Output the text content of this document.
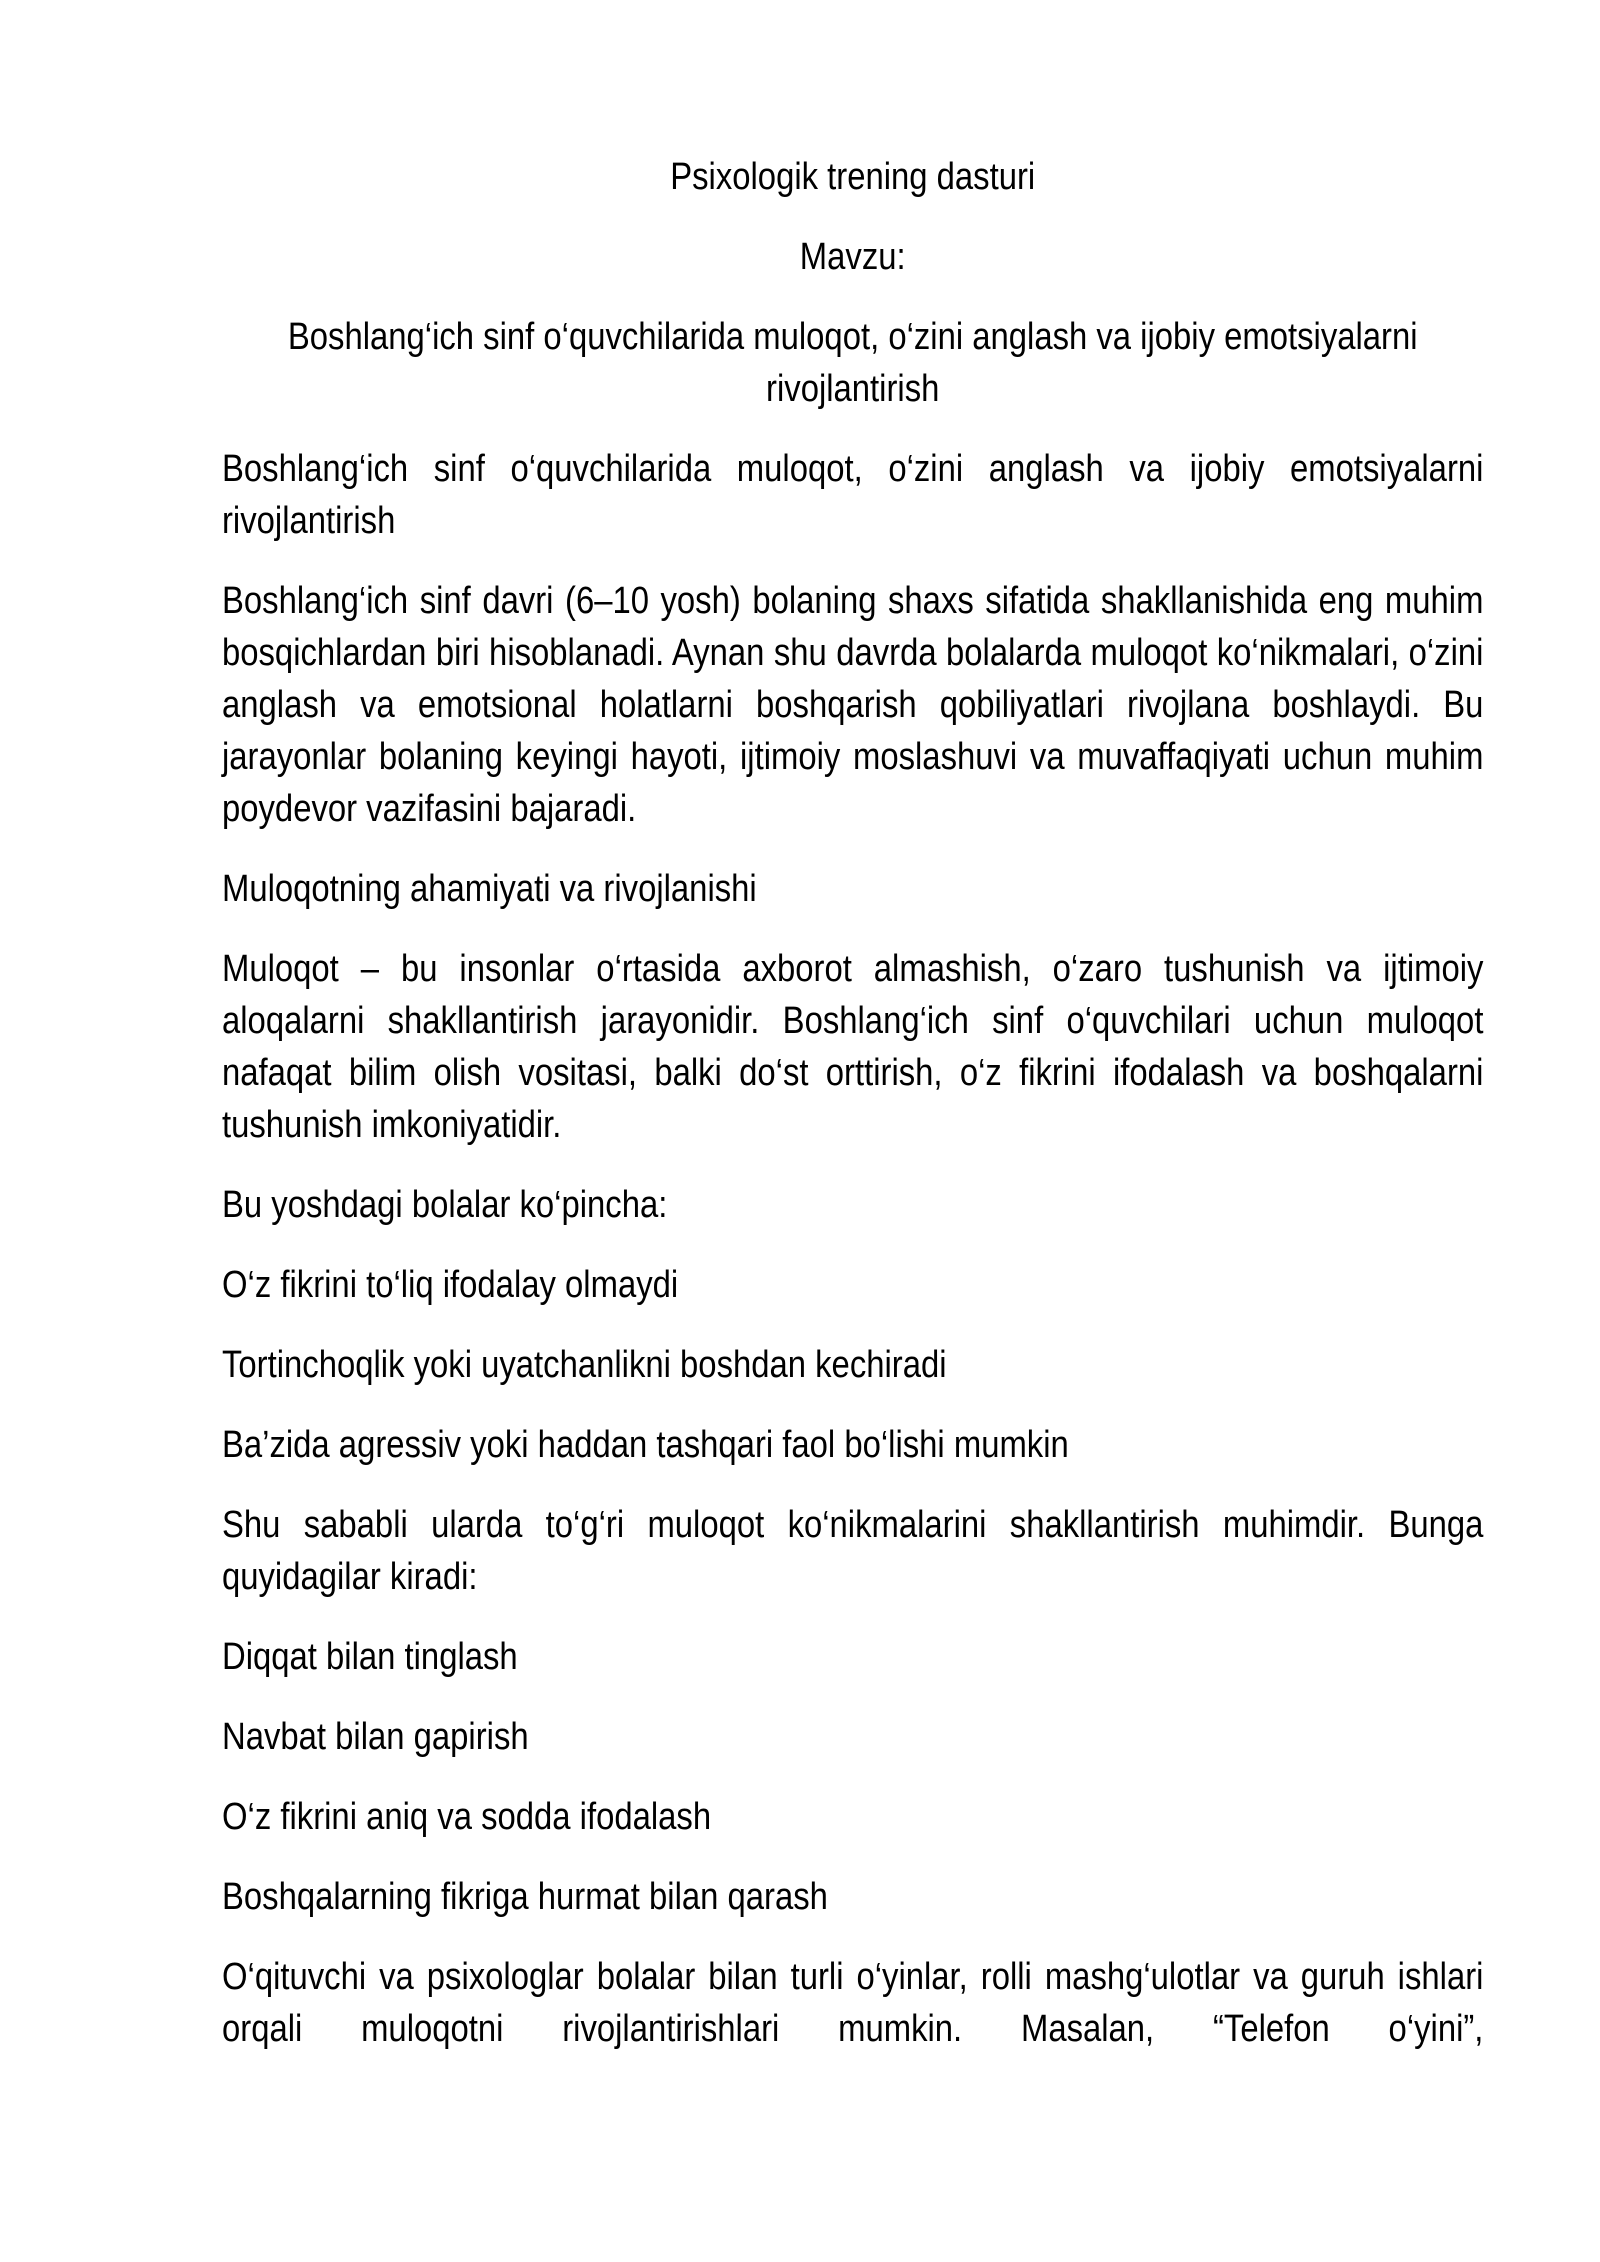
Psixologik trening dasturi

Mavzu:

Boshlang‘ich sinf o‘quvchilarida muloqot, o‘zini anglash va ijobiy emotsiyalarni rivojlantirish

Boshlang‘ich sinf o‘quvchilarida muloqot, o‘zini anglash va ijobiy emotsiyalarni rivojlantirish

Boshlang‘ich sinf davri (6–10 yosh) bolaning shaxs sifatida shakllanishida eng muhim bosqichlardan biri hisoblanadi. Aynan shu davrda bolalarda muloqot ko‘nikmalari, o‘zini anglash va emotsional holatlarni boshqarish qobiliyatlari rivojlana boshlaydi. Bu jarayonlar bolaning keyingi hayoti, ijtimoiy moslashuvi va muvaffaqiyati uchun muhim poydevor vazifasini bajaradi.

Muloqotning ahamiyati va rivojlanishi

Muloqot – bu insonlar o‘rtasida axborot almashish, o‘zaro tushunish va ijtimoiy aloqalarni shakllantirish jarayonidir. Boshlang‘ich sinf o‘quvchilari uchun muloqot nafaqat bilim olish vositasi, balki do‘st orttirish, o‘z fikrini ifodalash va boshqalarni tushunish imkoniyatidir.

Bu yoshdagi bolalar ko‘pincha:

O‘z fikrini to‘liq ifodalay olmaydi

Tortinchoqlik yoki uyatchanlikni boshdan kechiradi

Ba’zida agressiv yoki haddan tashqari faol bo‘lishi mumkin

Shu sababli ularda to‘g‘ri muloqot ko‘nikmalarini shakllantirish muhimdir. Bunga quyidagilar kiradi:

Diqqat bilan tinglash

Navbat bilan gapirish

O‘z fikrini aniq va sodda ifodalash

Boshqalarning fikriga hurmat bilan qarash

O‘qituvchi va psixologlar bolalar bilan turli o‘yinlar, rolli mashg‘ulotlar va guruh ishlari orqali muloqotni rivojlantirishlari mumkin. Masalan, “Telefon o‘yini”,
